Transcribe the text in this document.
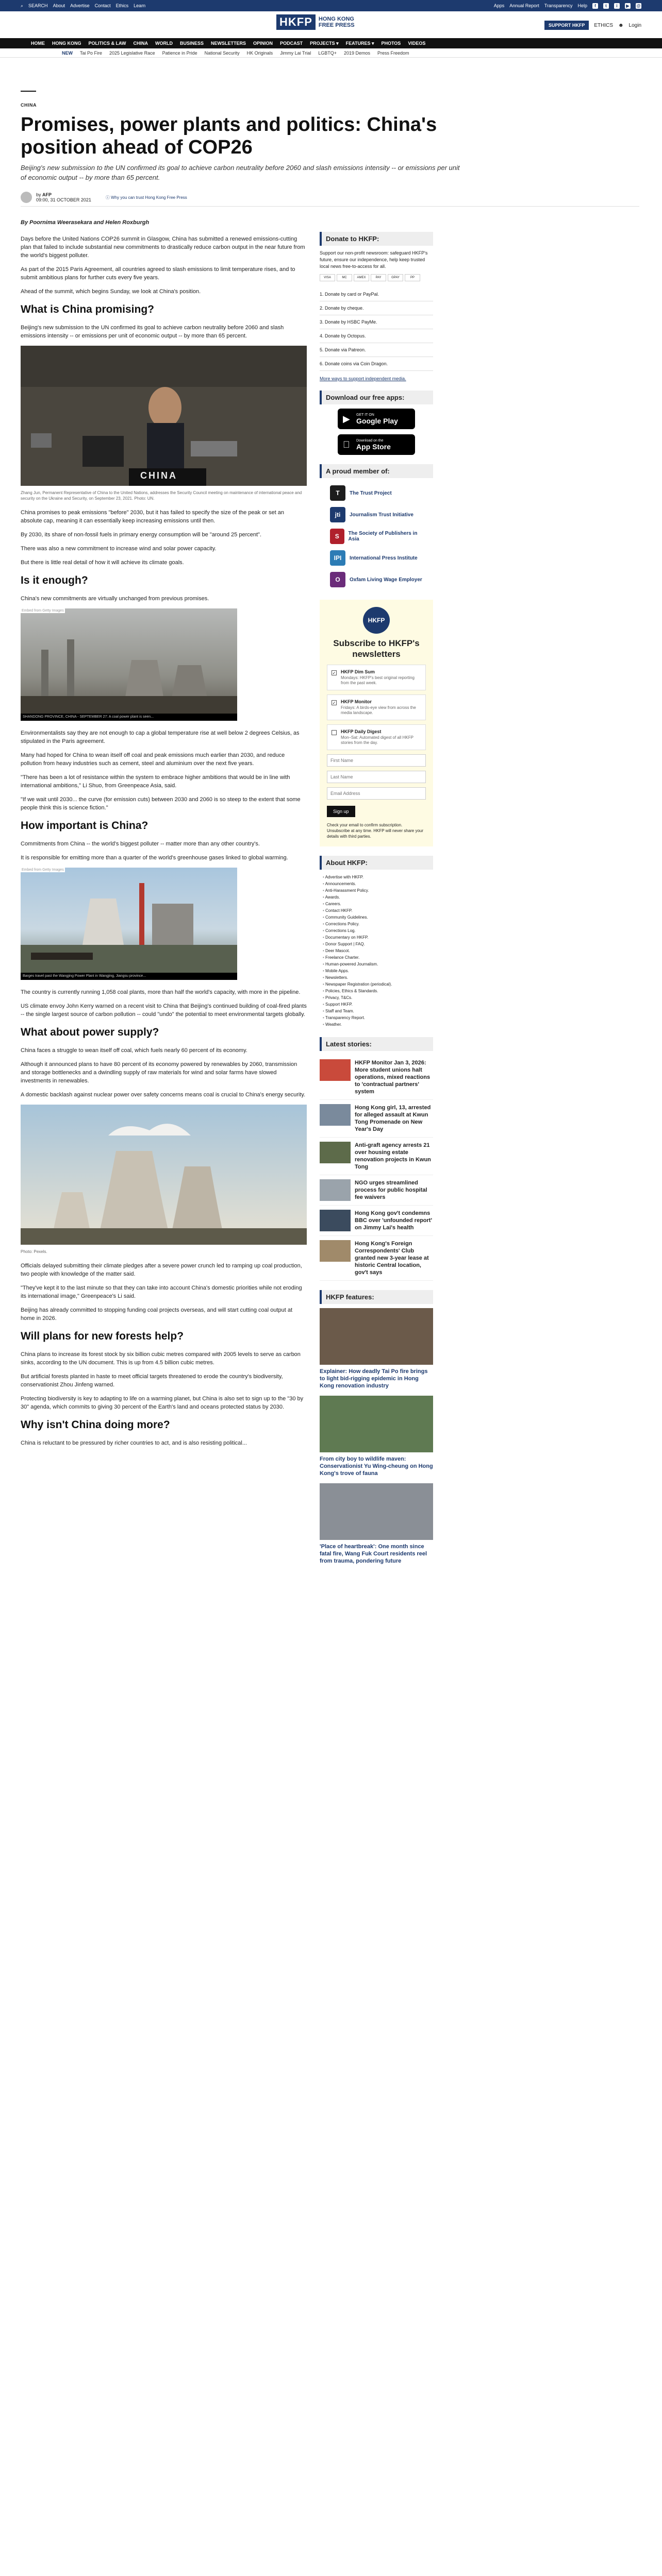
⌕ SEARCH About Advertise Contact Ethics Learn	Apps Annual Report Transparency Help	f	t	i	▶	@
HKFP	HONG KONG
FREE PRESS	SUPPORT HKFP	ETHICS ☻ Login
HOME HONG KONG POLITICS & LAW CHINA WORLD BUSINESS NEWSLETTERS OPINION PODCAST PROJECTS ▾ FEATURES ▾ PHOTOS VIDEOS
NEW Tai Po Fire 2025 Legislative Race Patience in Pride National Security HK Originals Jimmy Lai Trial LGBTQ+ 2019 Demos Press Freedom
CHINA
Promises, power plants and politics: China's position ahead of COP26
Beijing's new submission to the UN confirmed its goal to achieve carbon neutrality before 2060 and slash emissions intensity -- or emissions per unit of economic output -- by more than 65 percent.
by AFP
09:00, 31 OCTOBER 2021	ⓘ Why you can trust Hong Kong Free Press
By Poornima Weerasekara and Helen Roxburgh

Days before the United Nations COP26 summit in Glasgow, China has submitted a renewed emissions-cutting plan that failed to include substantial new commitments to drastically reduce carbon output in the near future from the world's biggest polluter.

As part of the 2015 Paris Agreement, all countries agreed to slash emissions to limit temperature rises, and to submit ambitious plans for further cuts every five years.

Ahead of the summit, which begins Sunday, we look at China's position.

What is China promising?

Beijing's new submission to the UN confirmed its goal to achieve carbon neutrality before 2060 and slash emissions intensity -- or emissions per unit of economic output -- by more than 65 percent.

CHINA
Zhang Jun, Permanent Representative of China to the United Nations, addresses the Security Council meeting on maintenance of international peace and security on the Ukraine and Security, on September 23, 2021. Photo: UN.

China promises to peak emissions "before" 2030, but it has failed to specify the size of the peak or set an absolute cap, meaning it can essentially keep increasing emissions until then.

By 2030, its share of non-fossil fuels in primary energy consumption will be "around 25 percent".

There was also a new commitment to increase wind and solar power capacity.

But there is little real detail of how it will achieve its climate goals.

Is it enough?

China's new commitments are virtually unchanged from previous promises.

Embed from Getty Images
SHANDONG PROVINCE, CHINA - SEPTEMBER 27: A coal power plant is seen...

Environmentalists say they are not enough to cap a global temperature rise at well below 2 degrees Celsius, as stipulated in the Paris agreement.

Many had hoped for China to wean itself off coal and peak emissions much earlier than 2030, and reduce pollution from heavy industries such as cement, steel and aluminium over the next five years.

"There has been a lot of resistance within the system to embrace higher ambitions that would be in line with international ambitions," Li Shuo, from Greenpeace Asia, said.

"If we wait until 2030... the curve (for emission cuts) between 2030 and 2060 is so steep to the extent that some people think this is science fiction."

How important is China?

Commitments from China -- the world's biggest polluter -- matter more than any other country's.

It is responsible for emitting more than a quarter of the world's greenhouse gases linked to global warming.

Embed from Getty Images
Barges travel past the Wangjing Power Plant in Wangjing, Jiangsu province...

The country is currently running 1,058 coal plants, more than half the world's capacity, with more in the pipeline.

US climate envoy John Kerry warned on a recent visit to China that Beijing's continued building of coal-fired plants -- the single largest source of carbon pollution -- could "undo" the potential to meet environmental targets globally.

What about power supply?

China faces a struggle to wean itself off coal, which fuels nearly 60 percent of its economy.

Although it announced plans to have 80 percent of its economy powered by renewables by 2060, transmission and storage bottlenecks and a dwindling supply of raw materials for wind and solar farms have slowed investments in renewables.

A domestic backlash against nuclear power over safety concerns means coal is crucial to China's energy security.

Photo: Pexels.

Officials delayed submitting their climate pledges after a severe power crunch led to ramping up coal production, two people with knowledge of the matter said.

"They've kept it to the last minute so that they can take into account China's domestic priorities while not eroding its international image," Greenpeace's Li said.

Beijing has already committed to stopping funding coal projects overseas, and will start cutting coal output at home in 2026.

Will plans for new forests help?

China plans to increase its forest stock by six billion cubic metres compared with 2005 levels to serve as carbon sinks, according to the UN document. This is up from 4.5 billion cubic metres.

But artificial forests planted in haste to meet official targets threatened to erode the country's biodiversity, conservationist Zhou Jinfeng warned.

Protecting biodiversity is key to adapting to life on a warming planet, but China is also set to sign up to the "30 by 30" agenda, which commits to giving 30 percent of the Earth's land and oceans protected status by 2030.

Why isn't China doing more?

China is reluctant to be pressured by richer countries to act, and is also resisting political...

Donate to HKFP:
Support our non-profit newsroom: safeguard HKFP's future, ensure our independence, help keep trusted local news free-to-access for all.
VISA	MC	AMEX	PAY	GPAY	PP
1. Donate by card or PayPal.
2. Donate by cheque.
3. Donate by HSBC PayMe.
4. Donate by Octopus.
5. Donate via Patreon.
6. Donate coins via Coin Dragon.
More ways to support independent media.
Download our free apps:
▶ GET IT ON
Google Play
Download on the
App Store
A proud member of:
T	The Trust Project
jti	Journalism Trust Initiative
S	The Society of Publishers in Asia
IPI	International Press Institute
O	Oxfam Living Wage Employer
HKFP
Subscribe to HKFP's newsletters
✓ HKFP Dim Sum
Mondays: HKFP's best original reporting from the past week.
✓ HKFP Monitor
Fridays: A birds-eye view from across the media landscape.
HKFP Daily Digest
Mon–Sat: Automated digest of all HKFP stories from the day.
First Name Last Name Email Address
Sign up
Check your email to confirm subscription. Unsubscribe at any time. HKFP will never share your details with third parties.
About HKFP:
• Advertise with HKFP.
• Announcements.
• Anti-Harassment Policy.
• Awards.
• Careers.
• Contact HKFP.
• Community Guidelines.
• Corrections Policy.
• Corrections Log.
• Documentary on HKFP.
• Donor Support | FAQ.
• Deer Mascot.
• Freelance Charter.
• Human-powered Journalism.
• Mobile Apps.
• Newsletters.
• Newspaper Registration (periodical).
• Policies, Ethics & Standards.
• Privacy, T&Cs.
• Support HKFP.
• Staff and Team.
• Transparency Report.
• Weather.
Latest stories:
HKFP Monitor Jan 3, 2026: More student unions halt operations, mixed reactions to 'contractual partners' system
Hong Kong girl, 13, arrested for alleged assault at Kwun Tong Promenade on New Year's Day
Anti-graft agency arrests 21 over housing estate renovation projects in Kwun Tong
NGO urges streamlined process for public hospital fee waivers
Hong Kong gov't condemns BBC over 'unfounded report' on Jimmy Lai's health
Hong Kong's Foreign Correspondents' Club granted new 3-year lease at historic Central location, gov't says
HKFP features:
Explainer: How deadly Tai Po fire brings to light bid-rigging epidemic in Hong Kong renovation industry
From city boy to wildlife maven: Conservationist Yu Wing-cheung on Hong Kong's trove of fauna
'Place of heartbreak': One month since fatal fire, Wang Fuk Court residents reel from trauma, pondering future
